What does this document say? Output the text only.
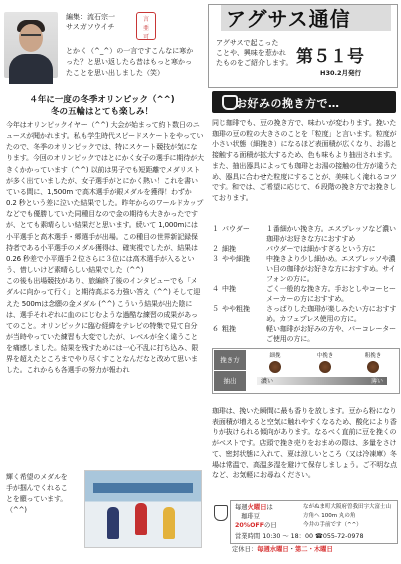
編集：流石宗一
サスガソウイチ
言
亜
可
とかく（^_^）の一言ですこんなに寒かった？と思い返したら昔はもっと寒かったことを思い出しました（笑）
アグサス通信
アグサスで起こった
ことや、興味を惹かれ
たものをご紹介します。 第５１号
H30.2月発行
４年に一度の冬季オリンピック（^^)
冬の五輪はとても楽しみ！

今年はオリンピックイヤー（^^) 大会が始まって約ト数日のニュースが聞かれます。私も学生時代スピードスケートをやっていたので、冬季のオリンピックでは、特にスケート競技が気になります。今回のオリンピックではとにかく女子の選手に期待が大きくかかっています（^^) 以前は男子でも短距離でメダリストが多く出ていましたが、女子選手がとにかく熱い！これを書いている間に、1,500m で高木選手が銀メダルを獲得！わずか 0.2 秒という差に泣いた結果でした。昨年からのワールドカップなどでも優勝していた同種目なので金の期待も大きかったですが、とても素晴らしい結果だと思います。続いて 1,000mには小平選手と高木選手・郷選手が出場。この種目の世界新記録保持者である小平選手のメダル獲得は、確実視でしたが、結果は 0.26 秒差で小平選手２位さらに３位には高木選手が入るという、惜しいけど素晴らしい結果でした（^^)

この後も出場競技があり、旅編終了後のインタビューでも「メダルに向かって行く」と期待高ぶる力強い答え（^^) そして迎えた 500mは念願の金メダル (^^) こういう結果が出た陰には、選手それぞれに血のにじむような過酷な練習の成果があってのこと。オリンピックに臨む経緯をテレビの特集で見て自分が当時やっていた練習も大変でしたが、レベルが全く違うことを痛感しました。結果を残すためには一心不乱に打ち込み、限界を超えたところまでやり尽くすことなんだなと改めて思いました。これからも各選手の努力が報われ

輝く希望のメダルを
手が掴んでくれるこ
とを願っています。
（^^)
お好みの挽き方で…
同じ珈琲でも、豆の挽き方で、味わいが変わります。挽いた珈琲の豆の粒の大きさのことを「粒度」と言います。粒度が小さい状態（細挽き）になるほど表面積が広くなり、お湯と接触する面積が拡大するため、色も味もより抽出されます。また、抽出器具によっても珈琲とお湯の接触の仕方が違うため、器具に合わせた粒度にすることが、美味しく淹れるコツです。和では、ご希望に応じて、６段階の挽き方でお挽きしております。
１ パウダー	１番細かい挽き方。エスプレッソなど濃い珈琲がお好きな方におすすめ
２ 細挽	パウダーでは細かすぎるという方に
３ やや細挽	中挽きより少し細かめ。エスプレッソや濃い目の珈琲がお好きな方におすすめ。サイフォンの方に。
４ 中挽	ごく一般的な挽き方。手おとしやコーヒーメーカーの方におすすめ。
５ やや粗挽	さっぱりした珈琲が楽しみたい方におすすめ。カフェプレス使用の方に。
６ 粗挽	軽い珈琲がお好みの方や、パーコレーターご使用の方に。
挽き方
抽出
細挽	中挽き	粗挽き
濃い	薄い
珈琲は、挽いた瞬間に最も香りを放します。豆から粉になり表面積が増えると空気に触れやすくなるため、酸化により香りが抜けられる傾向があります。なるべく直前に豆を挽くのがベストです。店頭で挽き売りをおまめの際は、多量をさけて、密封状態に入れて、夏は涼しいところ（又は冷凍庫）冬場は常温で、高温多湿を避けて保存しましょう。ご不明な点など、お気軽にお尋ねください。
毎週火曜日は
珈琲豆
20%OFFの日
ながぬま町大阪府曽我田字大富士山
方角へ 100m 丸の角
今井の手前です（^^）
営業時間 10:30 〜 18：00 ☎055-72-0978
定休日：毎週水曜日・第二・木曜日
